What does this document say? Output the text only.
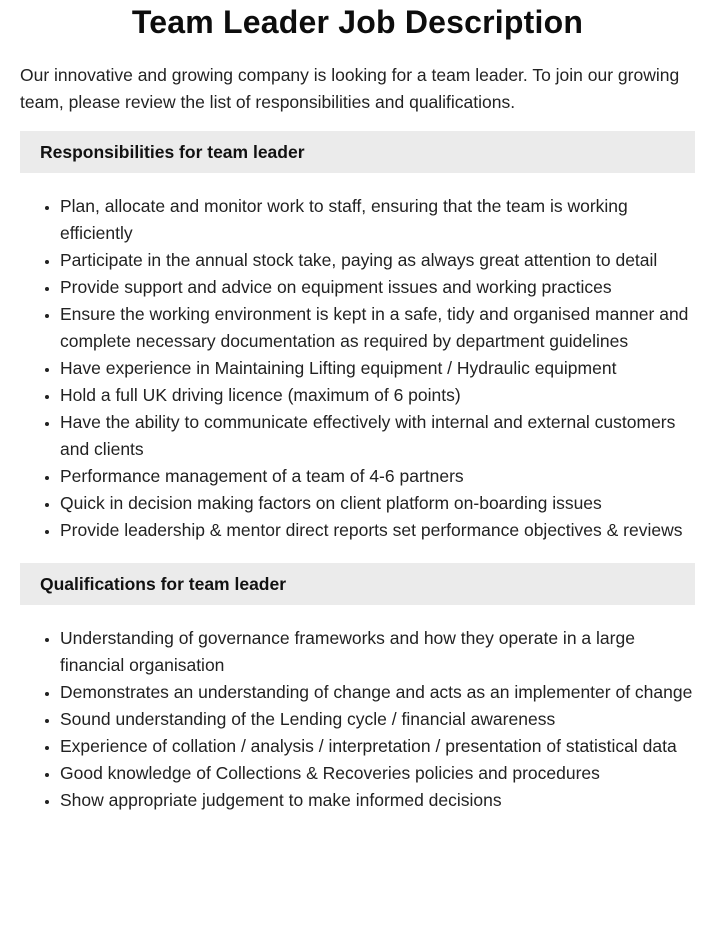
Team Leader Job Description

Our innovative and growing company is looking for a team leader. To join our growing team, please review the list of responsibilities and qualifications.

Responsibilities for team leader
• Plan, allocate and monitor work to staff, ensuring that the team is working efficiently
• Participate in the annual stock take, paying as always great attention to detail
• Provide support and advice on equipment issues and working practices
• Ensure the working environment is kept in a safe, tidy and organised manner and complete necessary documentation as required by department guidelines
• Have experience in Maintaining Lifting equipment / Hydraulic equipment
• Hold a full UK driving licence (maximum of 6 points)
• Have the ability to communicate effectively with internal and external customers and clients
• Performance management of a team of 4-6 partners
• Quick in decision making factors on client platform on-boarding issues
• Provide leadership & mentor direct reports set performance objectives & reviews
Qualifications for team leader
• Understanding of governance frameworks and how they operate in a large financial organisation
• Demonstrates an understanding of change and acts as an implementer of change
• Sound understanding of the Lending cycle / financial awareness
• Experience of collation / analysis / interpretation / presentation of statistical data
• Good knowledge of Collections & Recoveries policies and procedures
• Show appropriate judgement to make informed decisions
